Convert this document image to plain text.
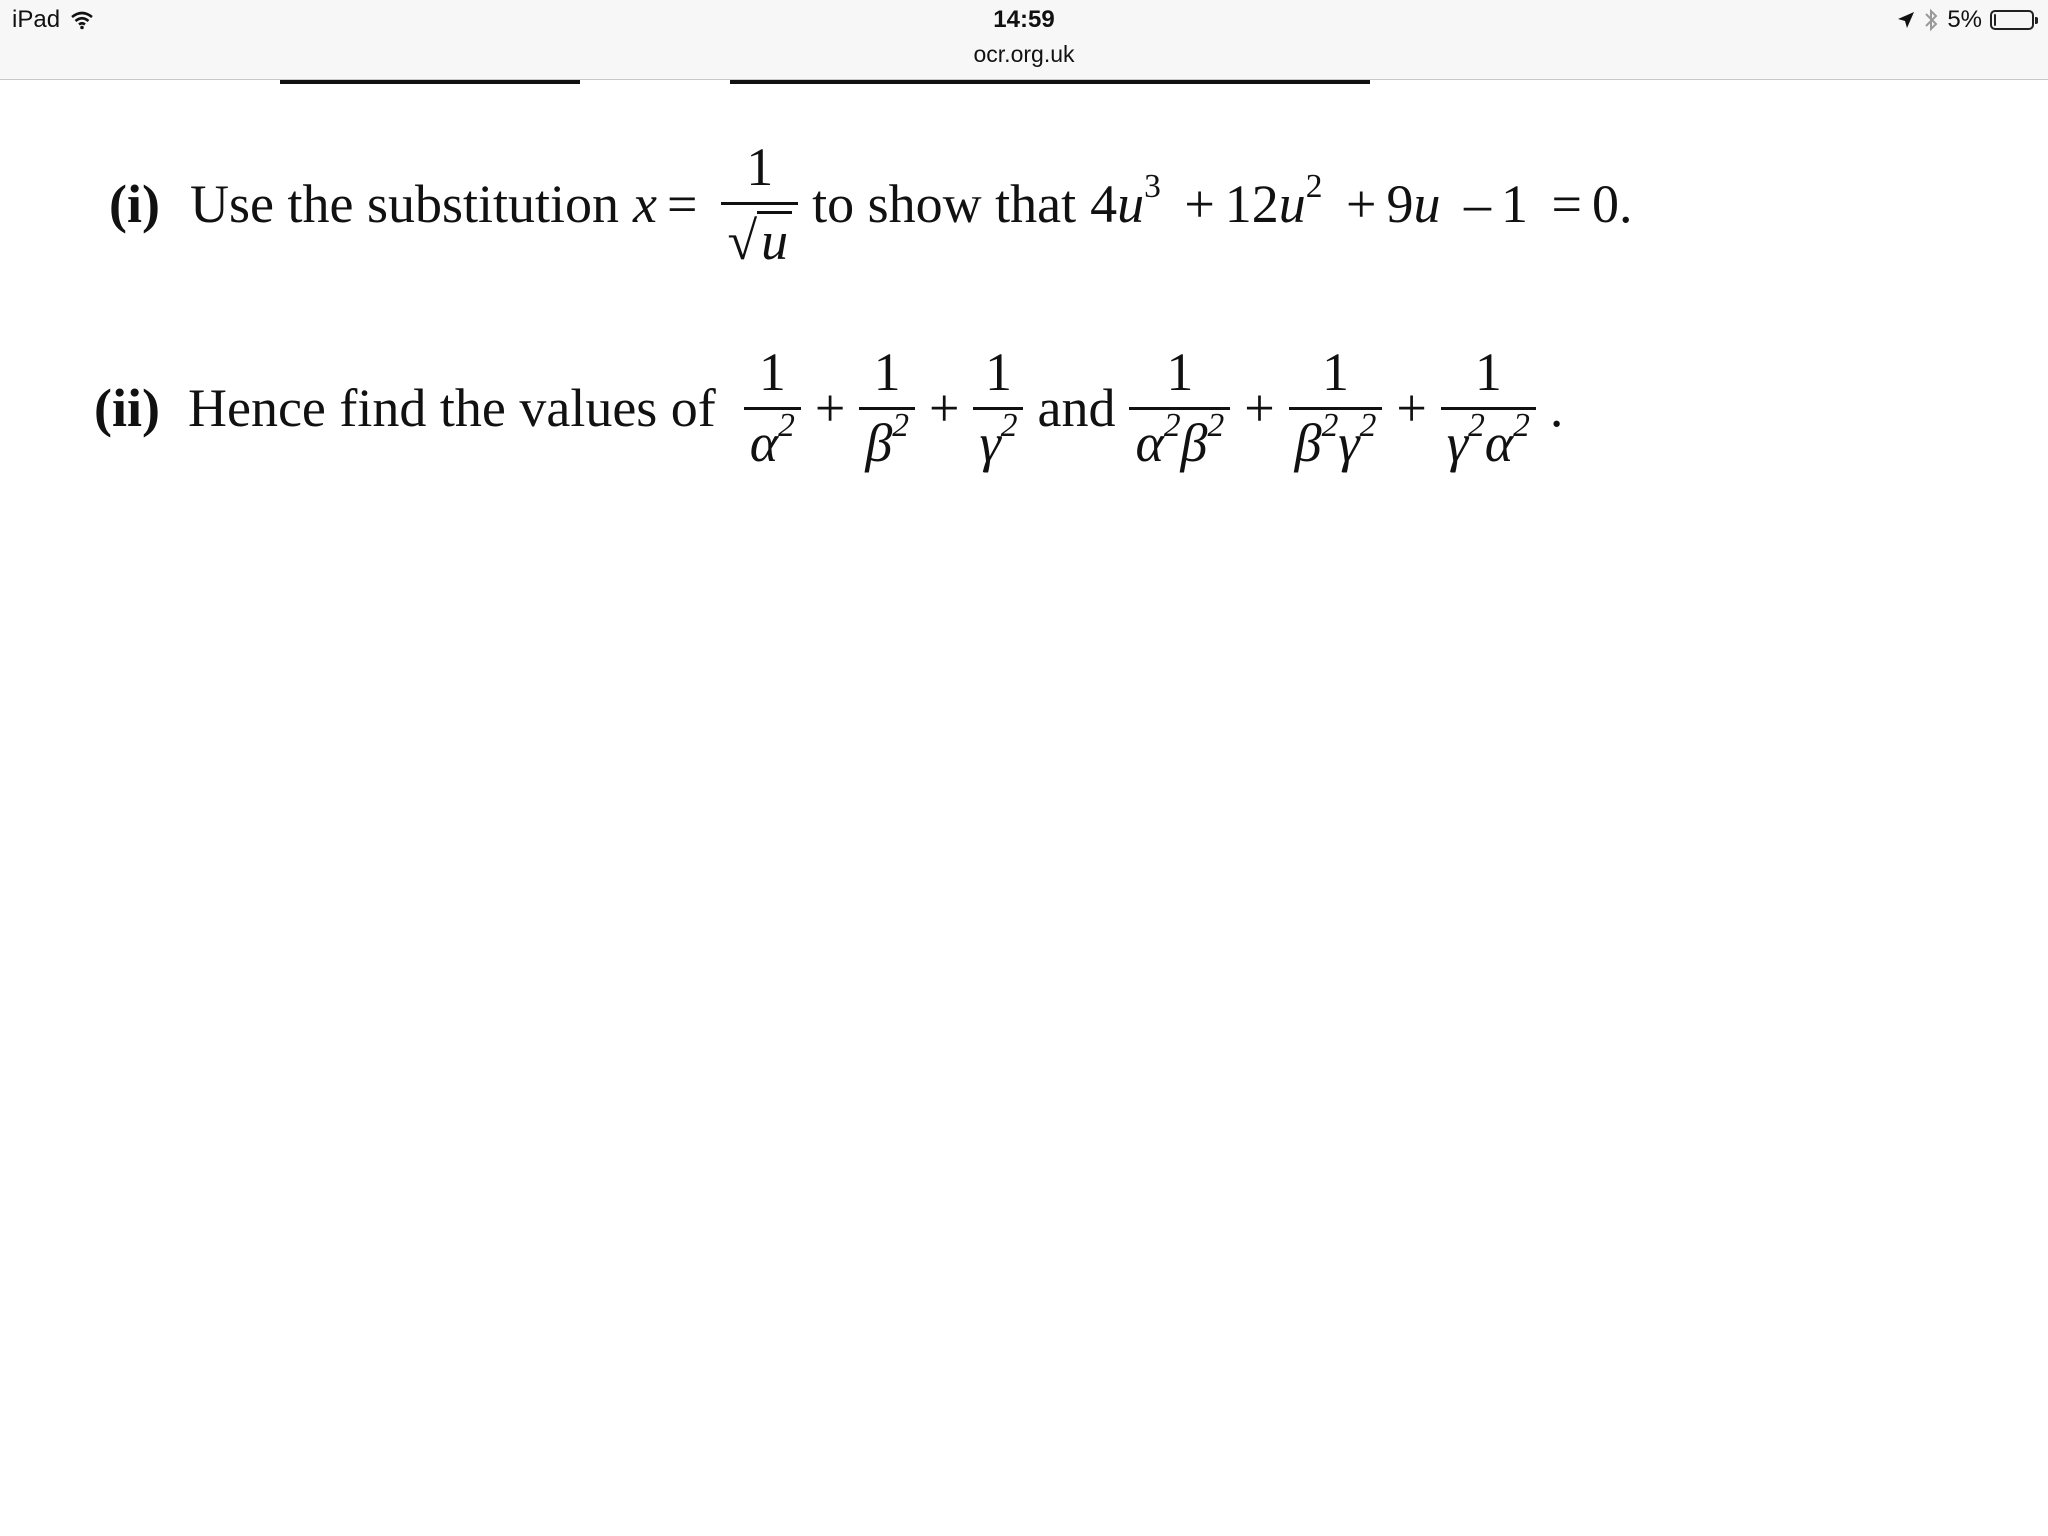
iPad	14:59
ocr.org.uk
5%
(i) Use the substitution $x = \frac{1}{√ u}$ to show that $4u^3 + 12u^2 + 9u - 1 = 0$.
(ii) Hence find the values of $\frac{1}{\alpha^2} + \frac{1}{\beta^2} + \frac{1}{\gamma^2}$ and $\frac{1}{\alpha^2\beta^2} + \frac{1}{\beta^2\gamma^2} + \frac{1}{\gamma^2\alpha^2}$ .
